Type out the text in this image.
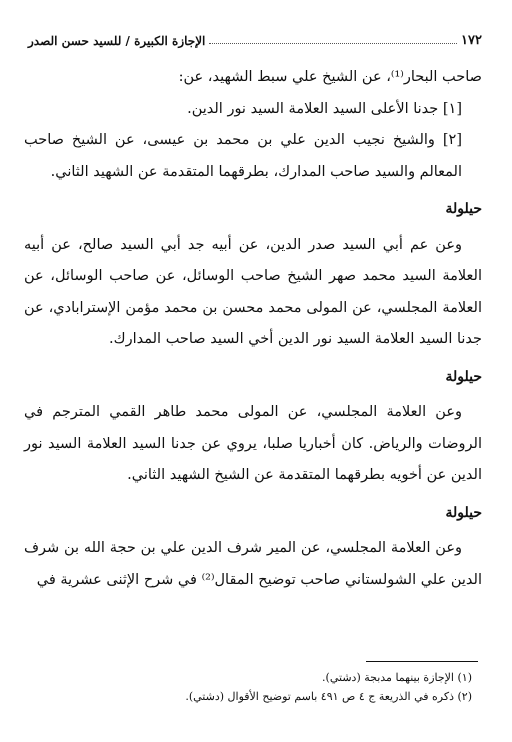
١٧٢
الإجازة الكبيرة / للسيد حسن الصدر

صاحب البحار⁽¹⁾، عن الشيخ علي سبط الشهيد، عن:

[١] جدنا الأعلى السيد العلامة السيد نور الدين.

[٢] والشيخ نجيب الدين علي بن محمد بن عيسى، عن الشيخ صاحب المعالم والسيد صاحب المدارك، بطرقهما المتقدمة عن الشهيد الثاني.

حيلولة

وعن عم أبي السيد صدر الدين، عن أبيه جد أبي السيد صالح، عن أبيه العلامة السيد محمد صهر الشيخ صاحب الوسائل، عن صاحب الوسائل، عن العلامة المجلسي، عن المولى محمد محسن بن محمد مؤمن الإسترابادي، عن جدنا السيد العلامة السيد نور الدين أخي السيد صاحب المدارك.

حيلولة

وعن العلامة المجلسي، عن المولى محمد طاهر القمي المترجم في الروضات والرياض. كان أخباريا صلبا، يروي عن جدنا السيد العلامة السيد نور الدين عن أخويه بطرقهما المتقدمة عن الشيخ الشهيد الثاني.

حيلولة

وعن العلامة المجلسي، عن المير شرف الدين علي بن حجة الله بن شرف الدين علي الشولستاني صاحب توضيح المقال⁽²⁾ في شرح الإثنى عشرية في

(١) الإجازة بينهما مدبجة (دشتي).

(٢) ذكره في الذريعة ج ٤ ص ٤٩١ باسم توضيح الأقوال (دشتي).
